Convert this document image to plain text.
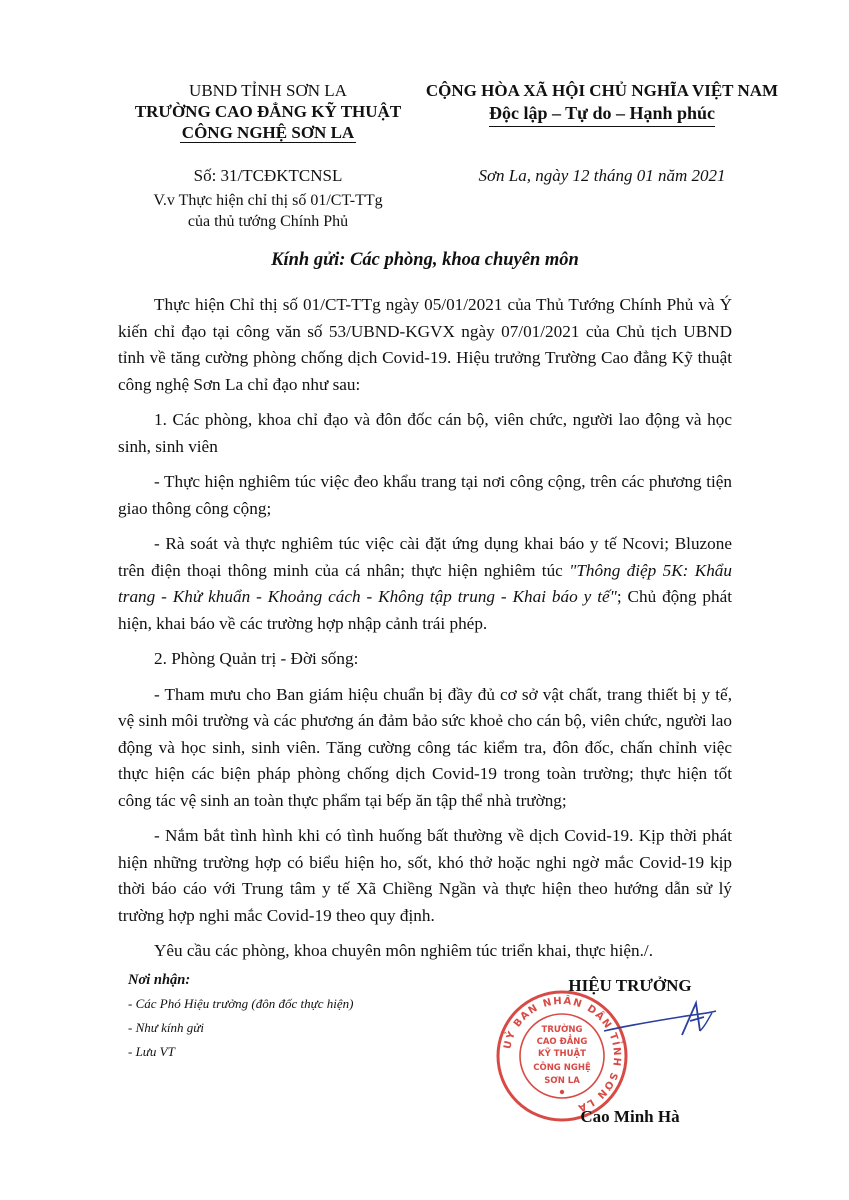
UBND TỈNH SƠN LA
TRƯỜNG CAO ĐẲNG KỸ THUẬT
CÔNG NGHỆ SƠN LA
CỘNG HÒA XÃ HỘI CHỦ NGHĨA VIỆT NAM
Độc lập – Tự do – Hạnh phúc
Số: 31/TCĐKTCNSL
V.v Thực hiện chỉ thị số 01/CT-TTg
của thủ tướng Chính Phủ
Sơn La, ngày 12 tháng 01 năm 2021
Kính gửi: Các phòng, khoa chuyên môn

Thực hiện Chỉ thị số 01/CT-TTg ngày 05/01/2021 của Thủ Tướng Chính Phủ và Ý kiến chỉ đạo tại công văn số 53/UBND-KGVX ngày 07/01/2021 của Chủ tịch UBND tỉnh về tăng cường phòng chống dịch Covid-19. Hiệu trưởng Trường Cao đẳng Kỹ thuật công nghệ Sơn La chỉ đạo như sau:

1. Các phòng, khoa chỉ đạo và đôn đốc cán bộ, viên chức, người lao động và học sinh, sinh viên

- Thực hiện nghiêm túc việc đeo khẩu trang tại nơi công cộng, trên các phương tiện giao thông công cộng;

- Rà soát và thực nghiêm túc việc cài đặt ứng dụng khai báo y tế Ncovi; Bluzone trên điện thoại thông minh của cá nhân; thực hiện nghiêm túc "Thông điệp 5K: Khẩu trang - Khử khuẩn - Khoảng cách - Không tập trung - Khai báo y tế"; Chủ động phát hiện, khai báo về các trường hợp nhập cảnh trái phép.

2. Phòng Quản trị - Đời sống:

- Tham mưu cho Ban giám hiệu chuẩn bị đầy đủ cơ sở vật chất, trang thiết bị y tế, vệ sinh môi trường và các phương án đảm bảo sức khoẻ cho cán bộ, viên chức, người lao động và học sinh, sinh viên. Tăng cường công tác kiểm tra, đôn đốc, chấn chỉnh việc thực hiện các biện pháp phòng chống dịch Covid-19 trong toàn trường; thực hiện tốt công tác vệ sinh an toàn thực phẩm tại bếp ăn tập thể nhà trường;

- Nắm bắt tình hình khi có tình huống bất thường về dịch Covid-19. Kịp thời phát hiện những trường hợp có biểu hiện ho, sốt, khó thở hoặc nghi ngờ mắc Covid-19 kịp thời báo cáo với Trung tâm y tế Xã Chiềng Ngần và thực hiện theo hướng dẫn sử lý trường hợp nghi mắc Covid-19 theo quy định.

Yêu cầu các phòng, khoa chuyên môn nghiêm túc triển khai, thực hiện./.

Nơi nhận:
- Các Phó Hiệu trưởng (đôn đốc thực hiện)
- Như kính gửi
- Lưu VT	UỶ BAN NHÂN DÂN TỈNH SƠN LA
TRƯỜNG
CAO ĐẲNG
KỸ THUẬT
CÔNG NGHỆ
SƠN LA
HIỆU TRƯỞNG
Cao Minh Hà
